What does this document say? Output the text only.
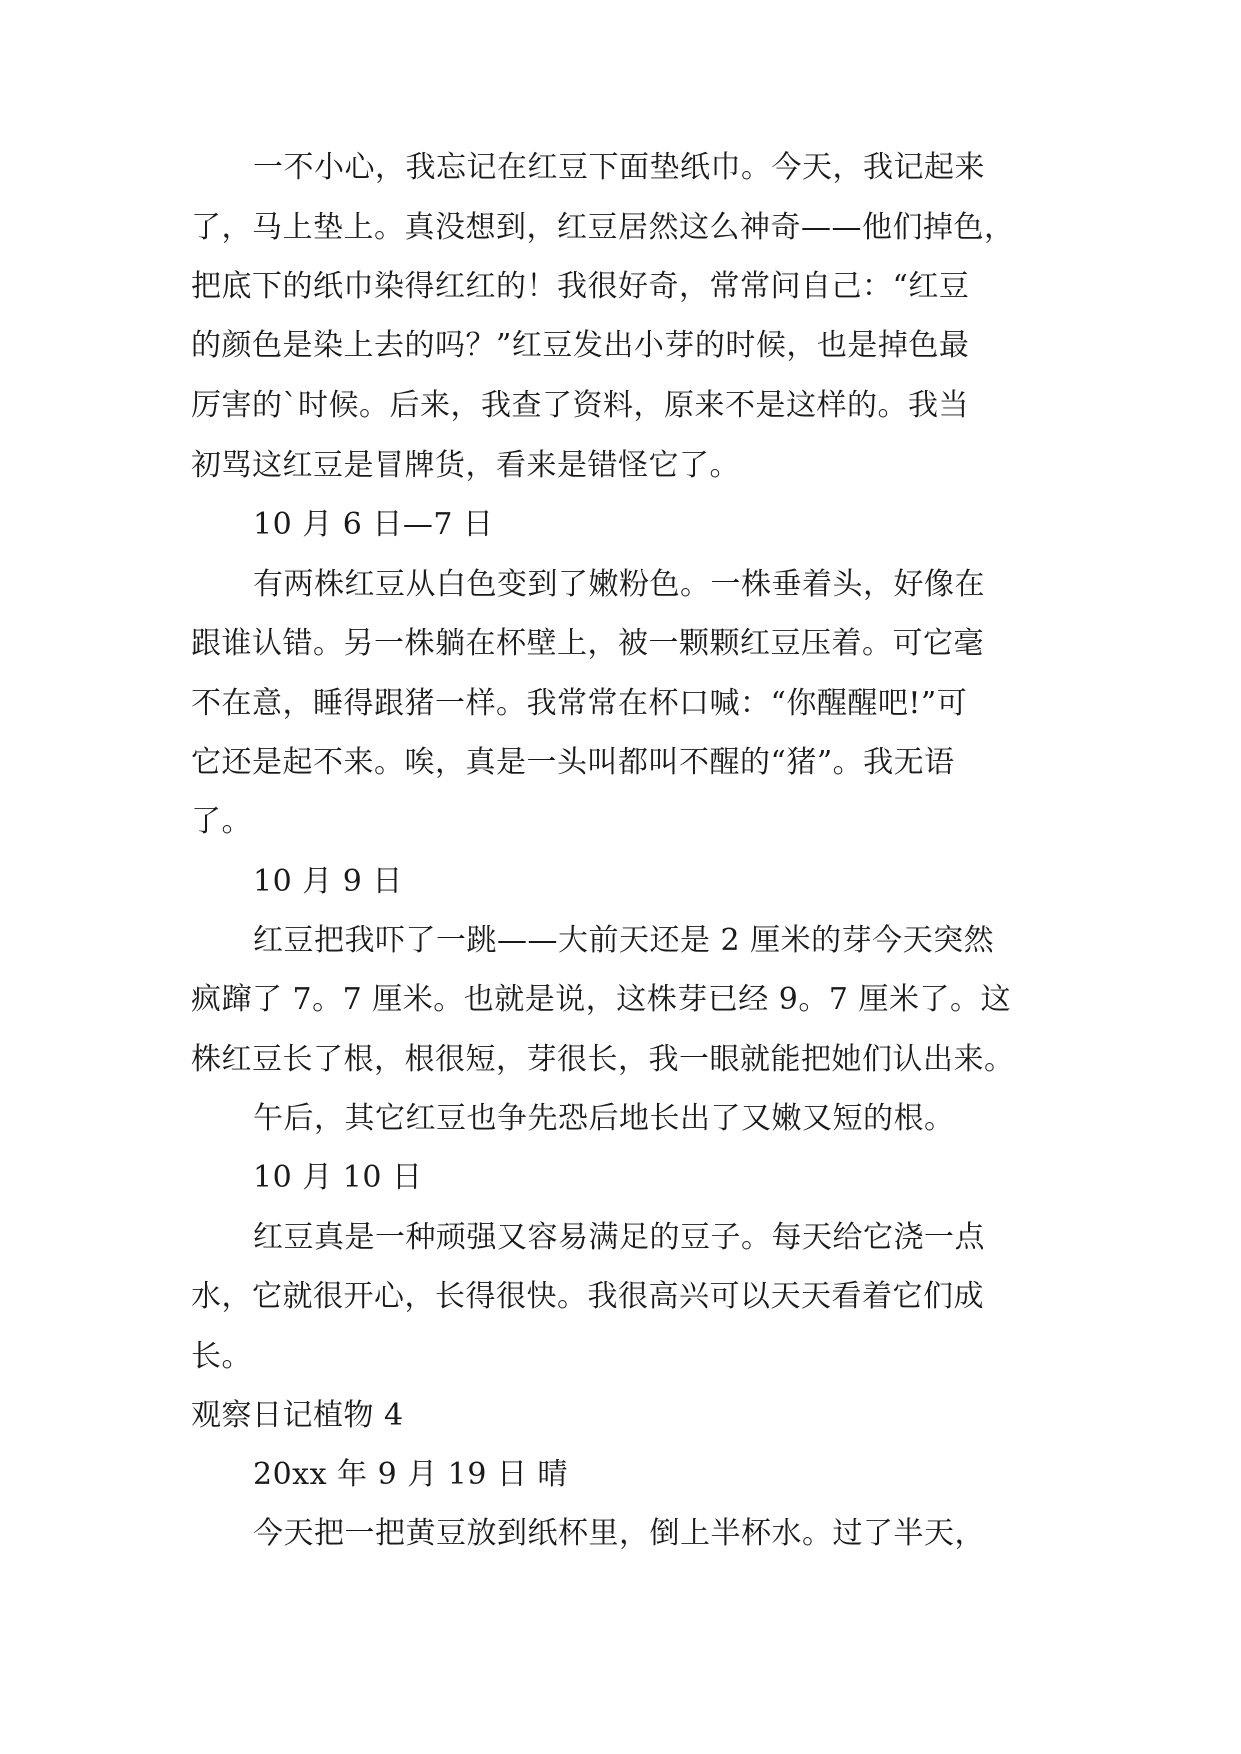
一不小心，我忘记在红豆下面垫纸巾。今天，我记起来
了，马上垫上。真没想到，红豆居然这么神奇——他们掉色，
把底下的纸巾染得红红的！我很好奇，常常问自己：“红豆
的颜色是染上去的吗？”红豆发出小芽的时候，也是掉色最
厉害的`时候。后来，我查了资料，原来不是这样的。我当
初骂这红豆是冒牌货，看来是错怪它了。
10 月 6 日—7 日
有两株红豆从白色变到了嫩粉色。一株垂着头，好像在
跟谁认错。另一株躺在杯壁上，被一颗颗红豆压着。可它毫
不在意，睡得跟猪一样。我常常在杯口喊：“你醒醒吧!”可
它还是起不来。唉，真是一头叫都叫不醒的“猪”。我无语
了。
10 月 9 日
红豆把我吓了一跳——大前天还是 2 厘米的芽今天突然
疯蹿了 7。7 厘米。也就是说，这株芽已经 9。7 厘米了。这
株红豆长了根，根很短，芽很长，我一眼就能把她们认出来。
午后，其它红豆也争先恐后地长出了又嫩又短的根。
10 月 10 日
红豆真是一种顽强又容易满足的豆子。每天给它浇一点
水，它就很开心，长得很快。我很高兴可以天天看着它们成
长。
观察日记植物 4
20xx 年 9 月 19 日 晴
今天把一把黄豆放到纸杯里，倒上半杯水。过了半天，
